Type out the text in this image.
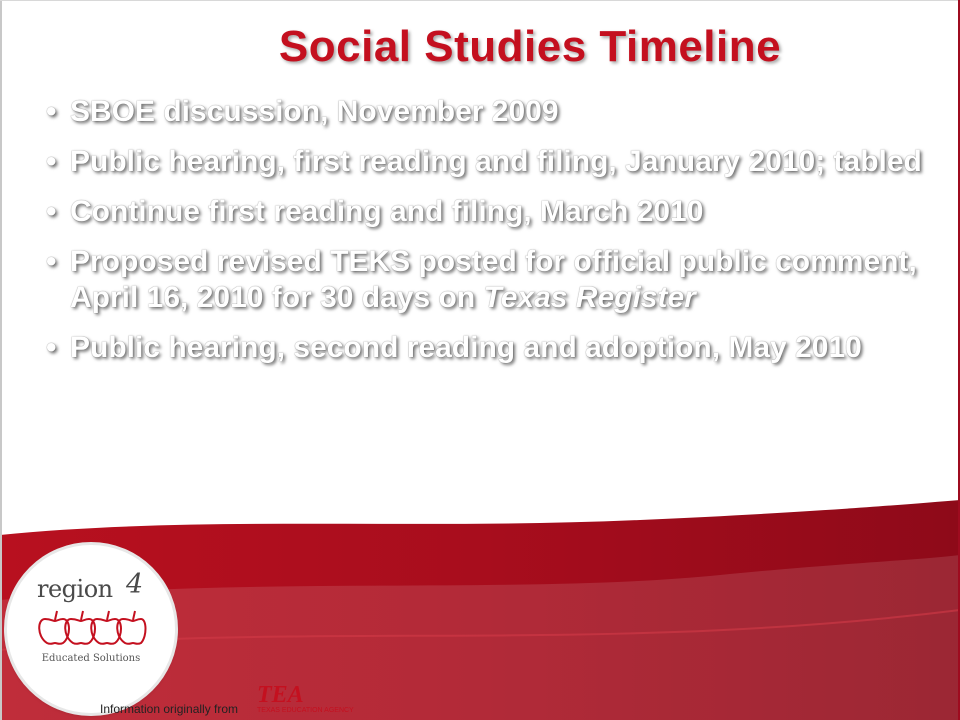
Social Studies Timeline
• SBOE discussion, November 2009
• Public hearing, first reading and filing, January 2010; tabled
• Continue first reading and filing, March 2010
• Proposed revised TEKS posted for official public comment, April 16, 2010 for 30 days on Texas Register
• Public hearing, second reading and adoption, May 2010
region 4
Educated Solutions
Information originally from
TEA
TEXAS EDUCATION AGENCY
